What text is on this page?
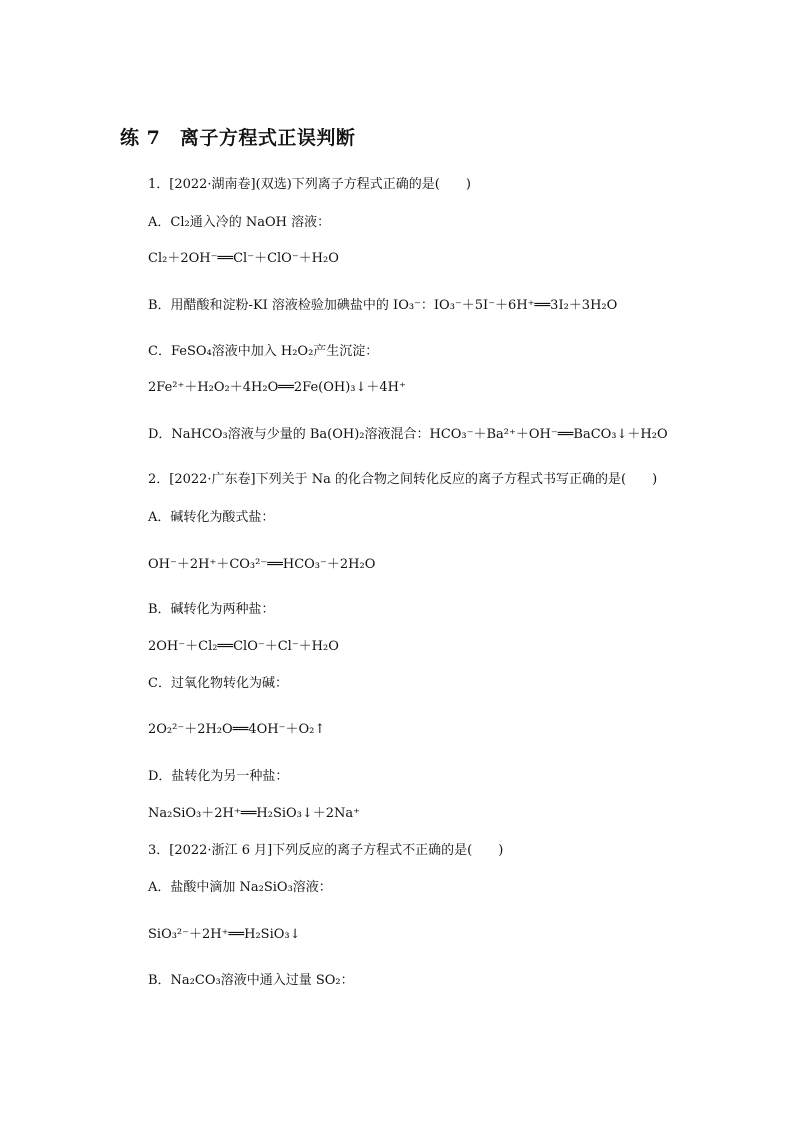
练 7　离子方程式正误判断
1．[2022·湖南卷](双选)下列离子方程式正确的是(　　)
A．Cl₂通入冷的 NaOH 溶液：
Cl₂＋2OH⁻══Cl⁻＋ClO⁻＋H₂O
B．用醋酸和淀粉-KI 溶液检验加碘盐中的 IO₃⁻：IO₃⁻＋5I⁻＋6H⁺══3I₂＋3H₂O
C．FeSO₄溶液中加入 H₂O₂产生沉淀：
2Fe²⁺＋H₂O₂＋4H₂O══2Fe(OH)₃↓＋4H⁺
D．NaHCO₃溶液与少量的 Ba(OH)₂溶液混合：HCO₃⁻＋Ba²⁺＋OH⁻══BaCO₃↓＋H₂O
2．[2022·广东卷]下列关于 Na 的化合物之间转化反应的离子方程式书写正确的是(　　)
A．碱转化为酸式盐：
OH⁻＋2H⁺＋CO₃²⁻══HCO₃⁻＋2H₂O
B．碱转化为两种盐：
2OH⁻＋Cl₂══ClO⁻＋Cl⁻＋H₂O
C．过氧化物转化为碱：
2O₂²⁻＋2H₂O══4OH⁻＋O₂↑
D．盐转化为另一种盐：
Na₂SiO₃＋2H⁺══H₂SiO₃↓＋2Na⁺
3．[2022·浙江 6 月]下列反应的离子方程式不正确的是(　　)
A．盐酸中滴加 Na₂SiO₃溶液：
SiO₃²⁻＋2H⁺══H₂SiO₃↓
B．Na₂CO₃溶液中通入过量 SO₂：
